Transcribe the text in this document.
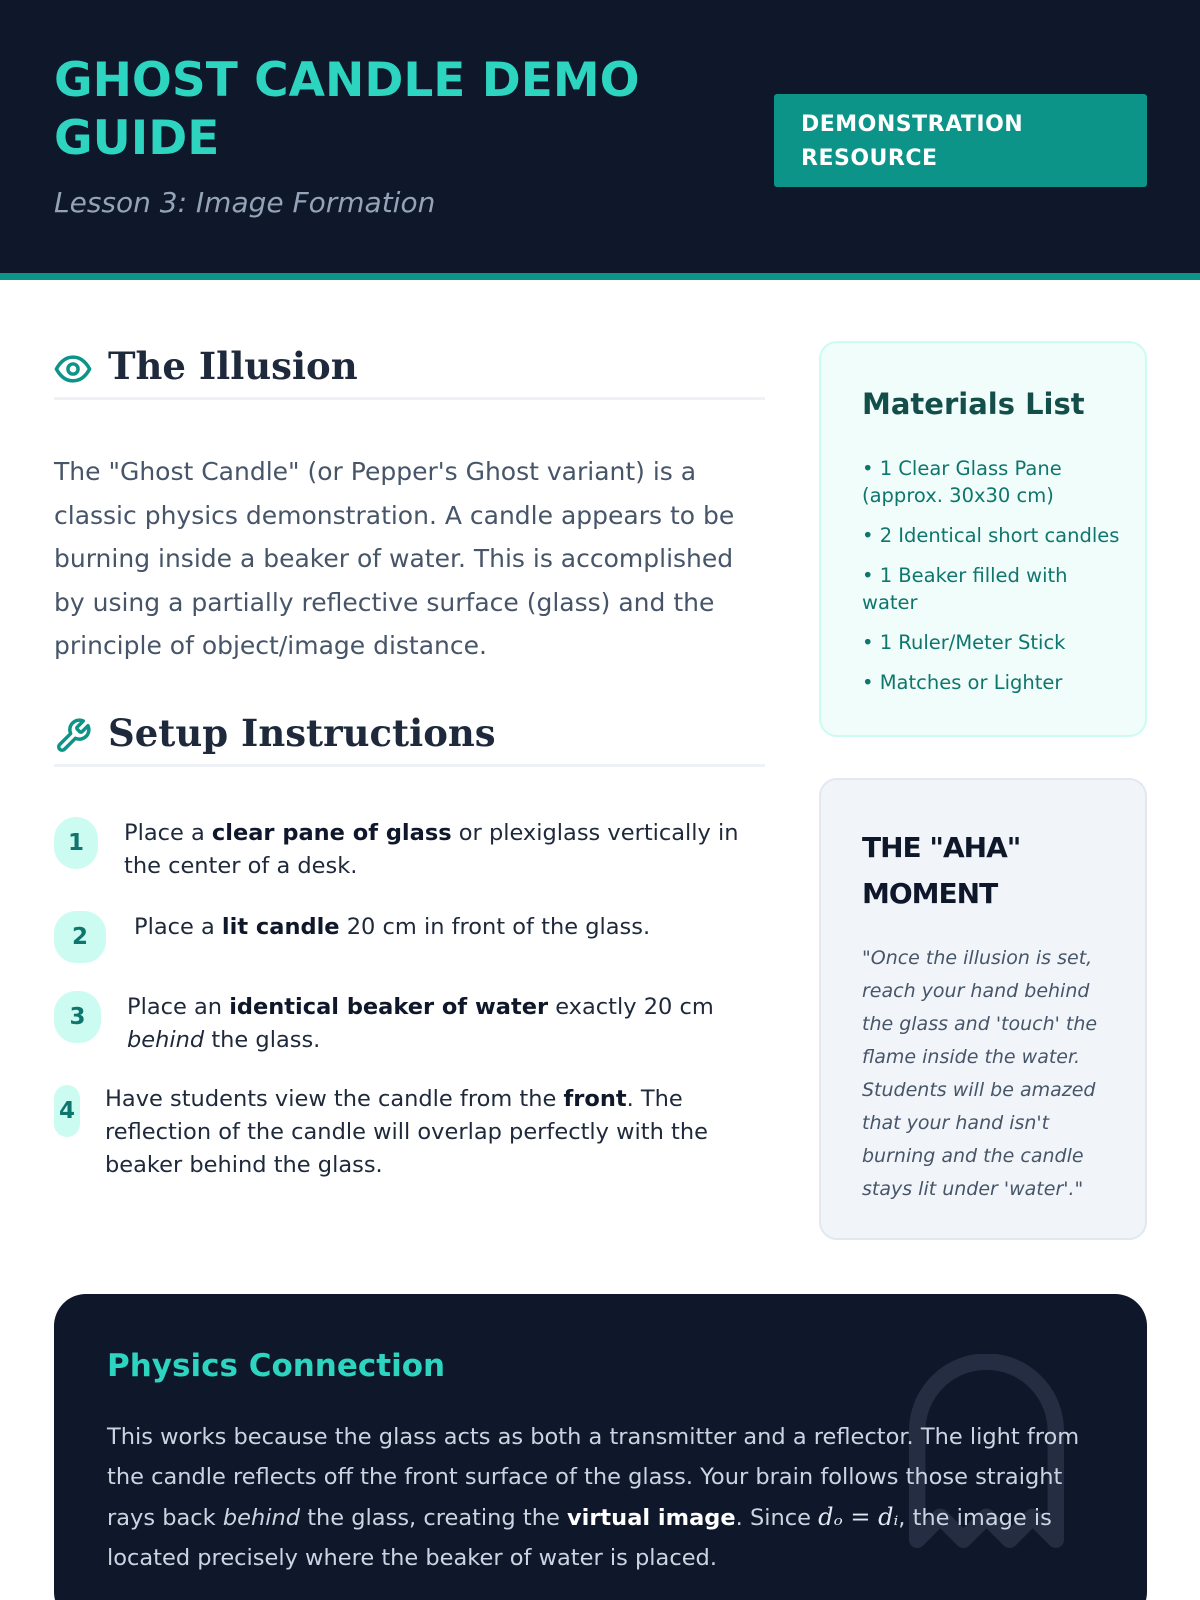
GHOST CANDLE DEMO GUIDE
Lesson 3: Image Formation
DEMONSTRATION RESOURCE
The Illusion
The "Ghost Candle" (or Pepper's Ghost variant) is a classic physics demonstration. A candle appears to be burning inside a beaker of water. This is accomplished by using a partially reflective surface (glass) and the principle of object/image distance.
Setup Instructions
1	Place a clear pane of glass or plexiglass vertically in the center of a desk.
2	Place a lit candle 20 cm in front of the glass.
3	Place an identical beaker of water exactly 20 cm behind the glass.
4 Have students view the candle from the front. The reflection of the candle will overlap perfectly with the beaker behind the glass.
Materials List
• 1 Clear Glass Pane (approx. 30x30 cm)
• 2 Identical short candles
• 1 Beaker filled with water
• 1 Ruler/Meter Stick
• Matches or Lighter
THE "AHA" MOMENT
"Once the illusion is set, reach your hand behind the glass and 'touch' the flame inside the water. Students will be amazed that your hand isn't burning and the candle stays lit under 'water'."
Physics Connection
This works because the glass acts as both a transmitter and a reflector. The light from the candle reflects off the front surface of the glass. Your brain follows those straight rays back behind the glass, creating the virtual image. Since dₒ = dᵢ, the image is located precisely where the beaker of water is placed.
